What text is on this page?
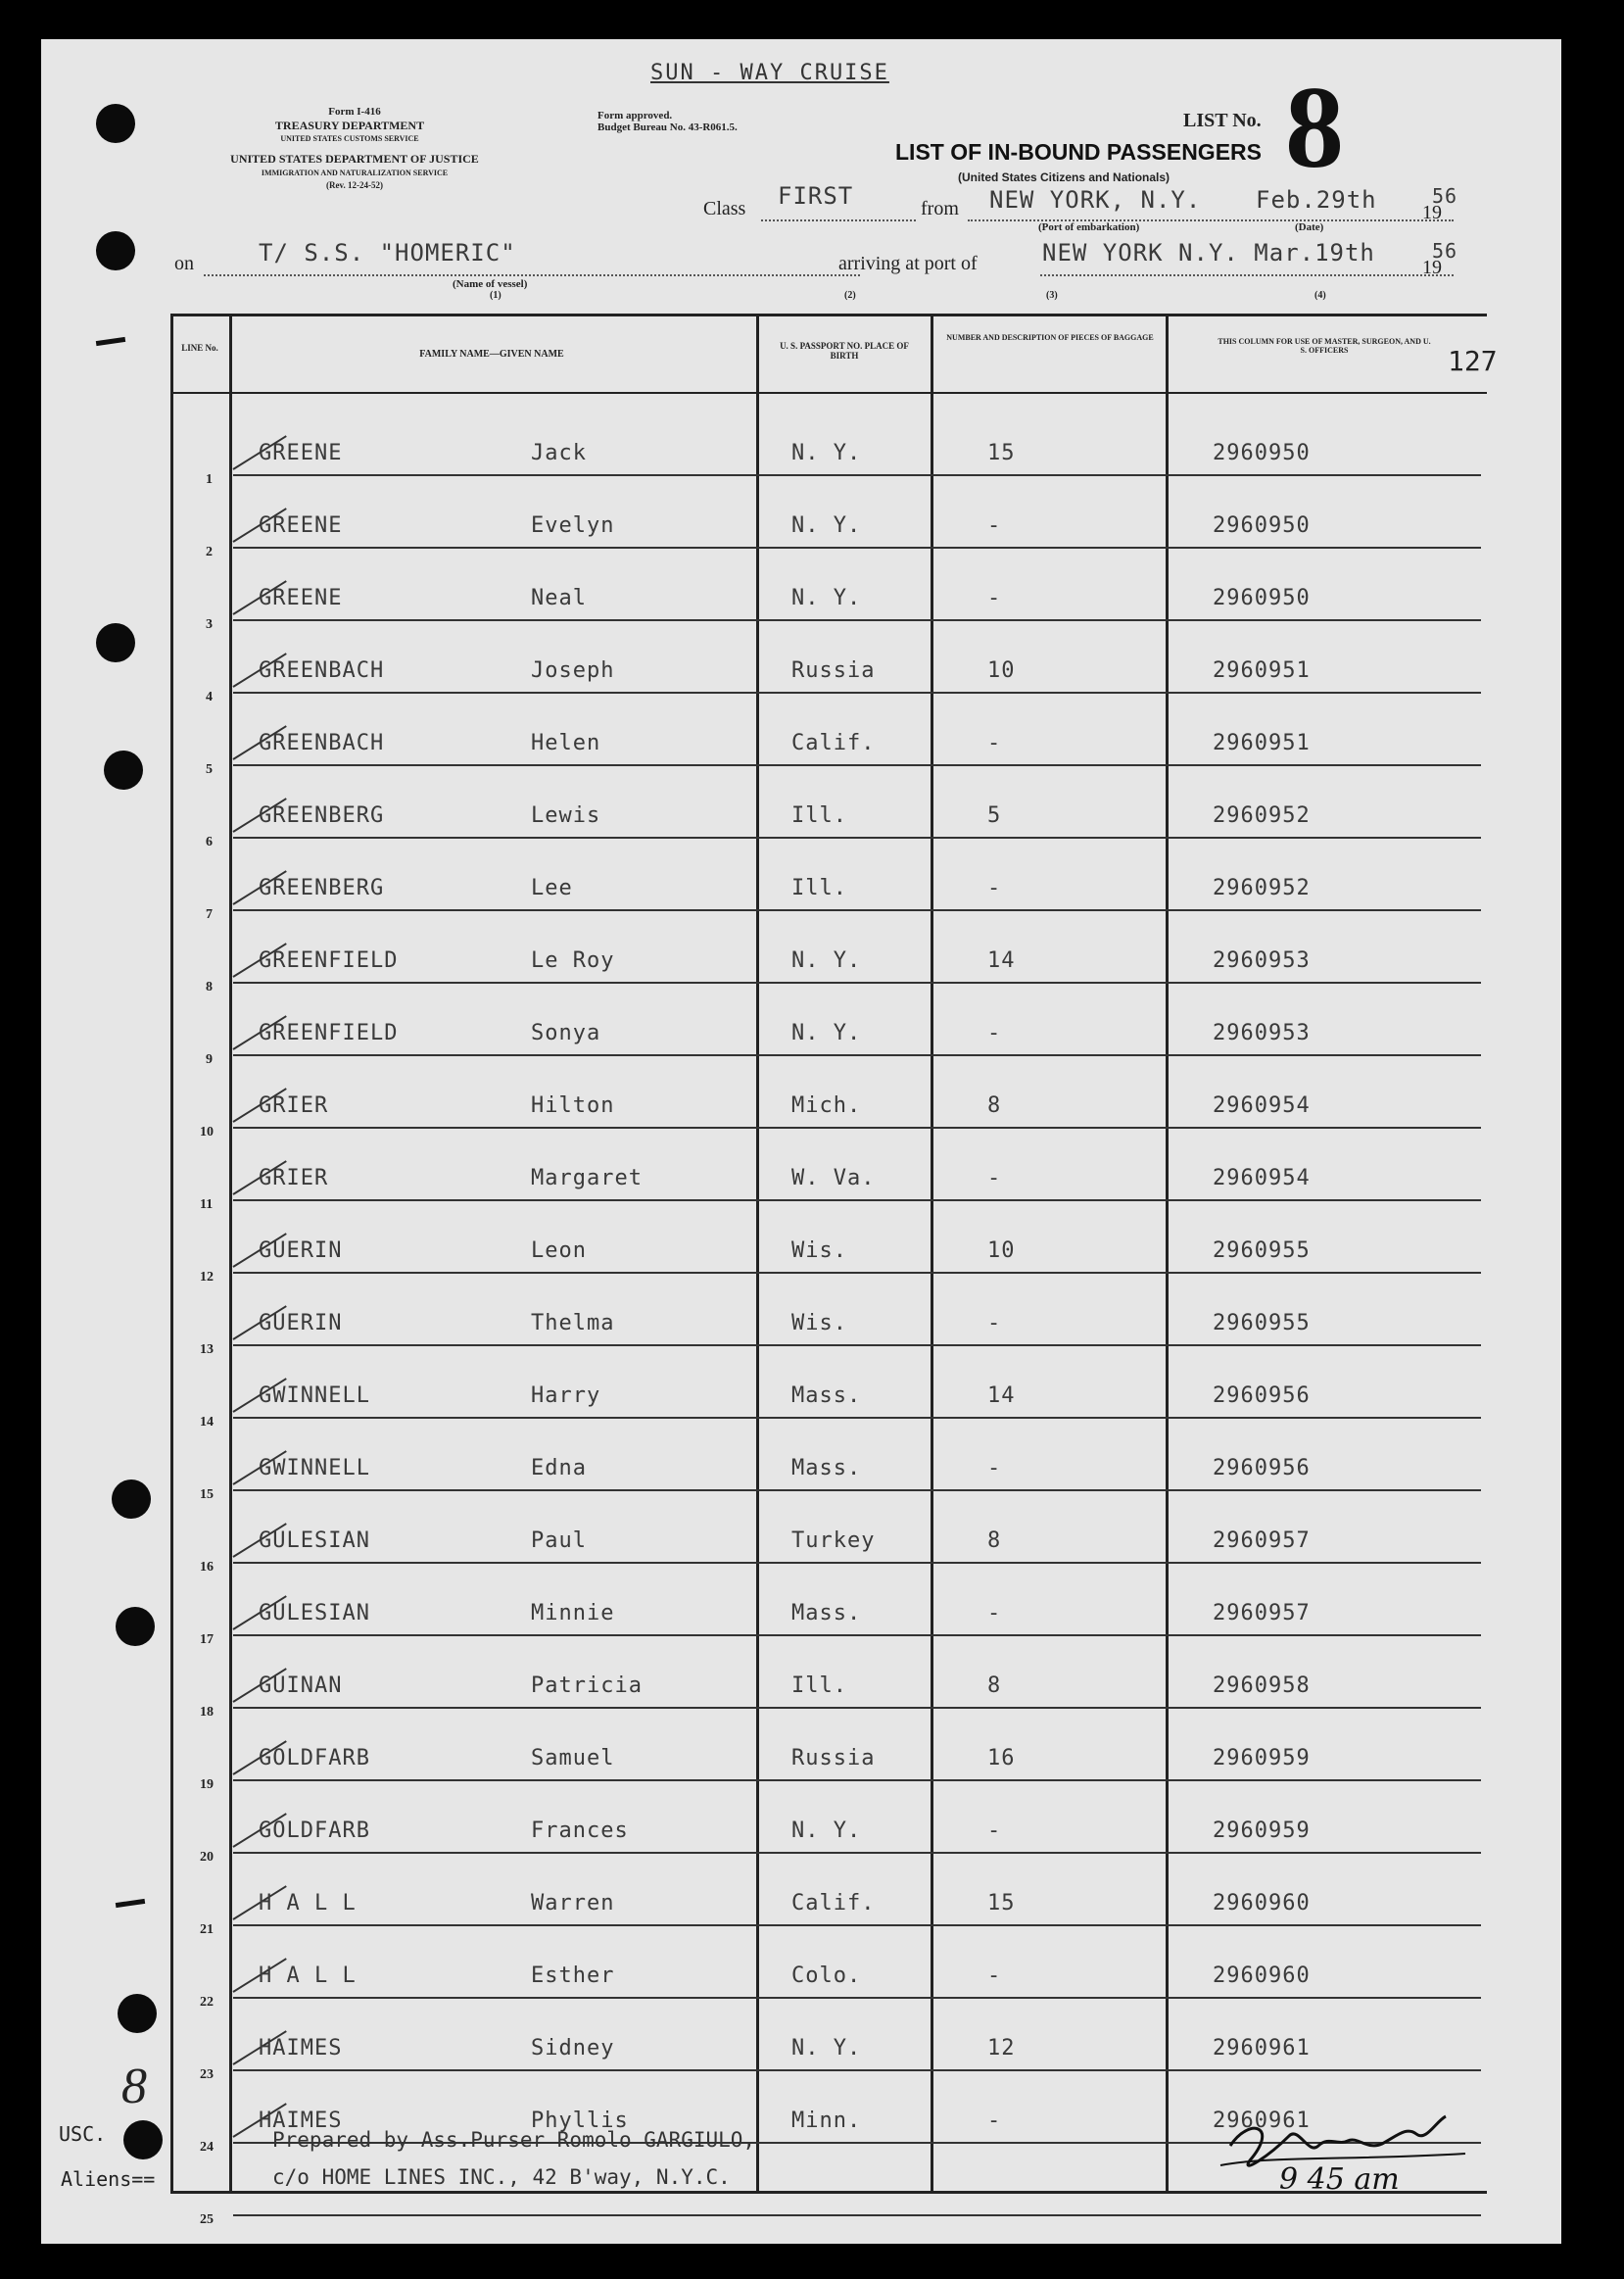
SUN - WAY CRUISE
Form I-416
TREASURY DEPARTMENT
UNITED STATES CUSTOMS SERVICE
UNITED STATES DEPARTMENT OF JUSTICE
IMMIGRATION AND NATURALIZATION SERVICE
(Rev. 12-24-52)
Form approved.
Budget Bureau No. 43-R061.5.	LIST No. 8
LIST OF IN-BOUND PASSENGERS
(United States Citizens and Nationals)
Class FIRST	from NEW YORK, N.Y. Feb.29th 19
56
(Port of embarkation)	(Date)
on	T/ S.S. "HOMERIC"
(Name of vessel)
(1)
arriving at port of	NEW YORK N.Y. Mar.19th
19
56
(2)	(3)	(4)
LINE No.
FAMILY NAME—GIVEN NAME
U. S. PASSPORT NO. PLACE OF BIRTH
NUMBER AND DESCRIPTION OF PIECES OF BAGGAGE	THIS COLUMN FOR USE OF MASTER, SURGEON, AND U. S. OFFICERS	127
1
GREENE	Jack	N. Y.	15	2960950
2
GREENE	Evelyn	N. Y.	-	2960950
3
GREENE	Neal	N. Y.	-	2960950
4
GREENBACH	Joseph	Russia	10	2960951
5
GREENBACH	Helen	Calif.	-	2960951
6
GREENBERG	Lewis	Ill.	5	2960952
7
GREENBERG	Lee	Ill.	-	2960952
8
GREENFIELD	Le Roy	N. Y.	14	2960953
9
GREENFIELD	Sonya	N. Y.	-	2960953
10
GRIER	Hilton	Mich.	8	2960954
11
GRIER	Margaret	W. Va.	-	2960954
12
GUERIN	Leon	Wis.	10	2960955
13
GUERIN	Thelma	Wis.	-	2960955
14
GWINNELL	Harry	Mass.	14	2960956
15
GWINNELL	Edna	Mass.	-	2960956
16
GULESIAN	Paul	Turkey	8	2960957
17
GULESIAN	Minnie	Mass.	-	2960957
18
GUINAN	Patricia	Ill.	8	2960958
19
GOLDFARB	Samuel	Russia	16	2960959
20
GOLDFARB	Frances	N. Y.	-	2960959
21
H A L L	Warren	Calif.	15	2960960
22
H A L L	Esther	Colo.	-	2960960
23
HAIMES	Sidney	N. Y.	12	2960961
24
HAIMES	Phyllis	Minn.	-	2960961
25
Prepared by Ass.Purser Romolo GARGIULO,
c/o HOME LINES INC., 42 B'way, N.Y.C.
USC.
Aliens==
8
9 45 am
